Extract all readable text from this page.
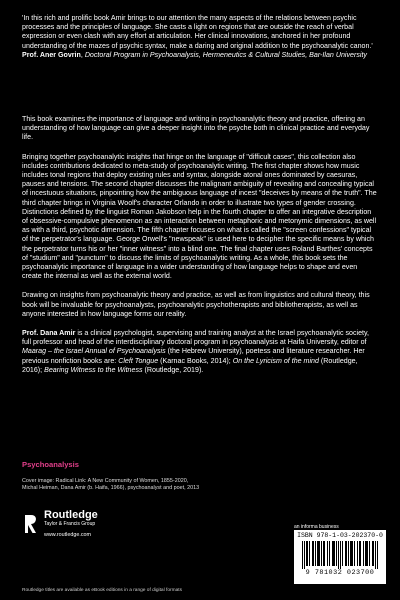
'In this rich and prolific book Amir brings to our attention the many aspects of the relations between psychic processes and the principles of language. She casts a light on regions that are outside the reach of verbal expression or even clash with any effort at articulation. Her clinical innovations, anchored in her profound understanding of the mazes of psychic syntax, make a daring and original addition to the psychoanalytic canon.'

Prof. Aner Govrin, Doctoral Program in Psychoanalysis, Hermeneutics & Cultural Studies, Bar-Ilan University

This book examines the importance of language and writing in psychoanalytic theory and practice, offering an understanding of how language can give a deeper insight into the psyche both in clinical practice and everyday life.

Bringing together psychoanalytic insights that hinge on the language of "difficult cases", this collection also includes contributions dedicated to meta-study of psychoanalytic writing. The first chapter shows how music includes tonal regions that deploy existing rules and syntax, alongside atonal ones dominated by caesuras, pauses and tensions. The second chapter discusses the malignant ambiguity of revealing and concealing typical of incestuous situations, pinpointing how the ambiguous language of incest "deceives by means of the truth". The third chapter brings in Virginia Woolf's character Orlando in order to illustrate two types of gender crossing. Distinctions defined by the linguist Roman Jakobson help in the fourth chapter to offer an integrative description of obsessive-compulsive phenomenon as an interaction between metaphoric and metonymic dimensions, as well as with a third, psychotic dimension. The fifth chapter focuses on what is called the "screen confessions" typical of the perpetrator's language. George Orwell's "newspeak" is used here to decipher the specific means by which the perpetrator turns his or her "inner witness" into a blind one. The final chapter uses Roland Barthes' concepts of "studium" and "punctum" to discuss the limits of psychoanalytic writing. As a whole, this book sets the psychoanalytic importance of language in a wider understanding of how language helps to shape and even create the internal as well as the external world.

Drawing on insights from psychoanalytic theory and practice, as well as from linguistics and cultural theory, this book will be invaluable for psychoanalysts, psychoanalytic psychotherapists and bibliotherapists, as well as anyone interested in how language forms our reality.

Prof. Dana Amir is a clinical psychologist, supervising and training analyst at the Israel psychoanalytic society, full professor and head of the interdisciplinary doctoral program in psychoanalysis at Haifa University, editor of Maarag – the Israel Annual of Psychoanalysis (the Hebrew University), poetess and literature researcher. Her previous nonfiction books are: Cleft Tongue (Karnac Books, 2014); On the Lyricism of the mind (Routledge, 2016); Bearing Witness to the Witness (Routledge, 2019).

Psychoanalysis
Cover image: Radical Link: A New Community of Women, 1855-2020,
Michal Heiman, Dana Amir (b. Haifa, 1966), psychoanalyst and poet, 2013
Routledge
Taylor & Francis Group
www.routledge.com
an informa business
ISBN 978-1-03-202370-0
9 781032 023700
Routledge titles are available as eBook editions in a range of digital formats
